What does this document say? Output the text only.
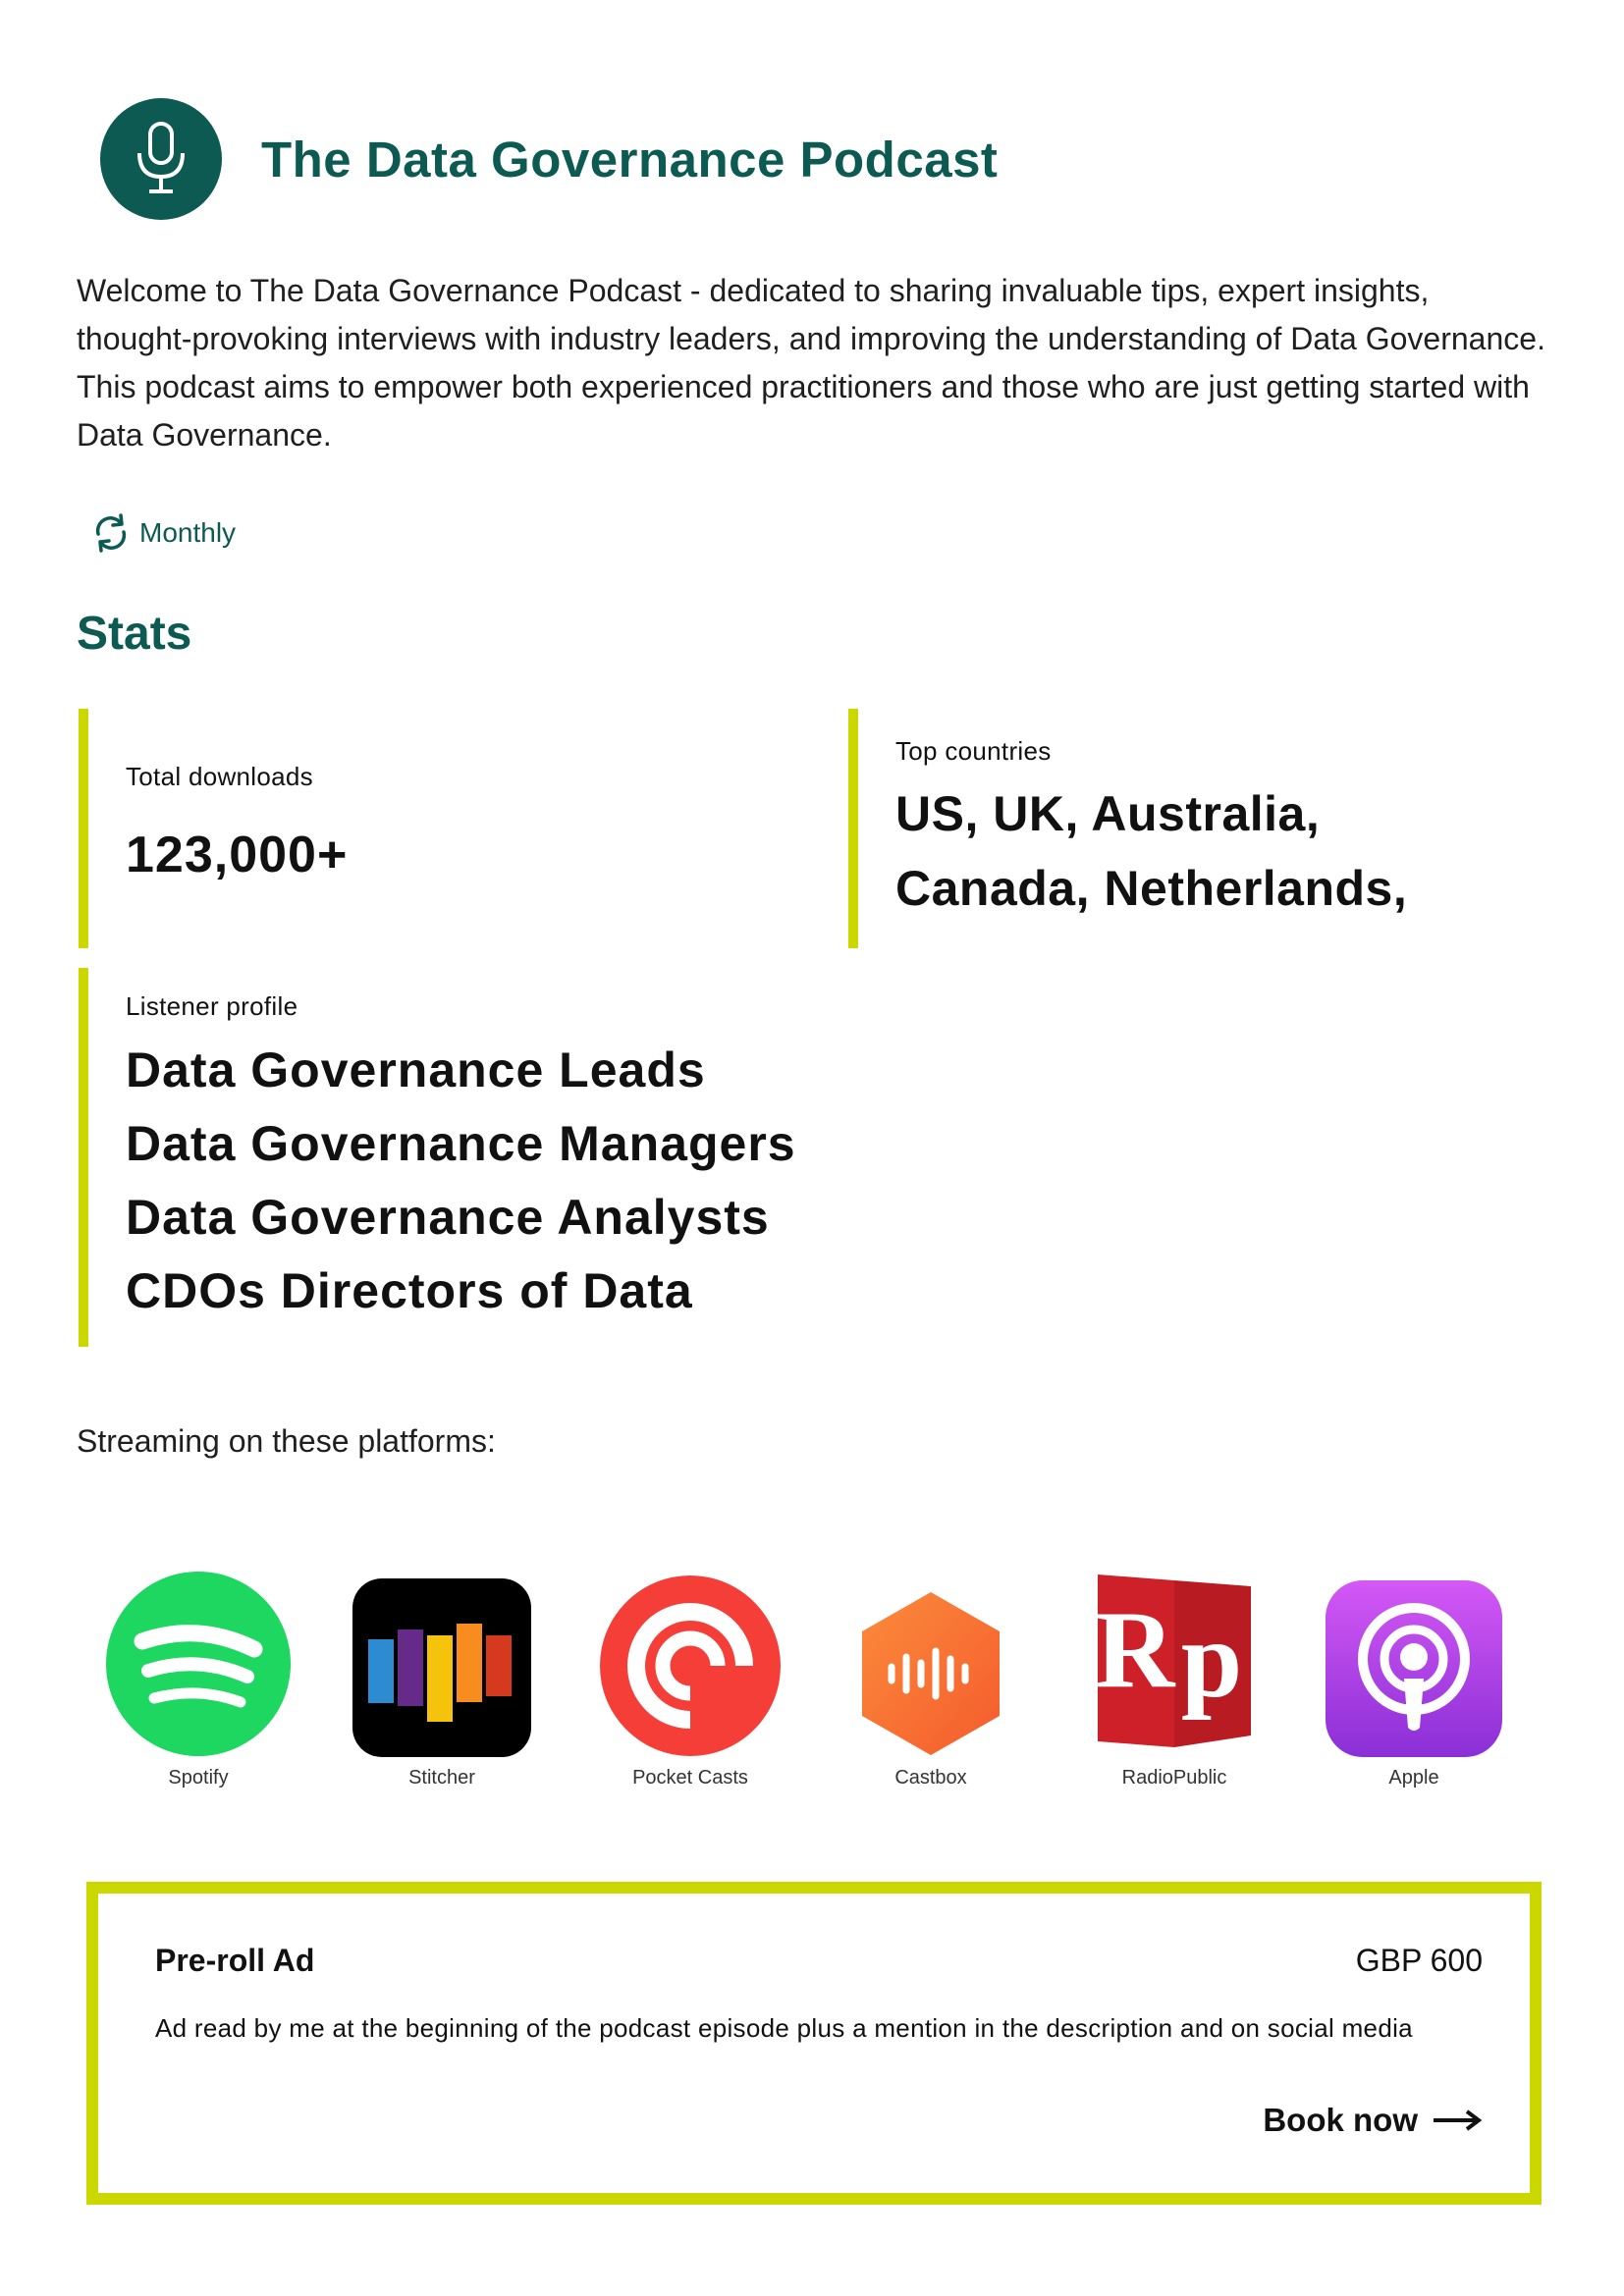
The Data Governance Podcast

Welcome to The Data Governance Podcast - dedicated to sharing invaluable tips, expert insights, thought-provoking interviews with industry leaders, and improving the understanding of Data Governance. This podcast aims to empower both experienced practitioners and those who are just getting started with Data Governance.

Monthly
Stats
Total downloads
123,000+
Top countries
US, UK, Australia, Canada, Netherlands,
Listener profile
Data Governance Leads
Data Governance Managers
Data Governance Analysts
CDOs Directors of Data
Streaming on these platforms:
Spotify	Stitcher	Pocket Casts	Castbox
R p
RadioPublic	Apple
Pre-roll Ad	GBP 600
Ad read by me at the beginning of the podcast episode plus a mention in the description and on social media
Book now
